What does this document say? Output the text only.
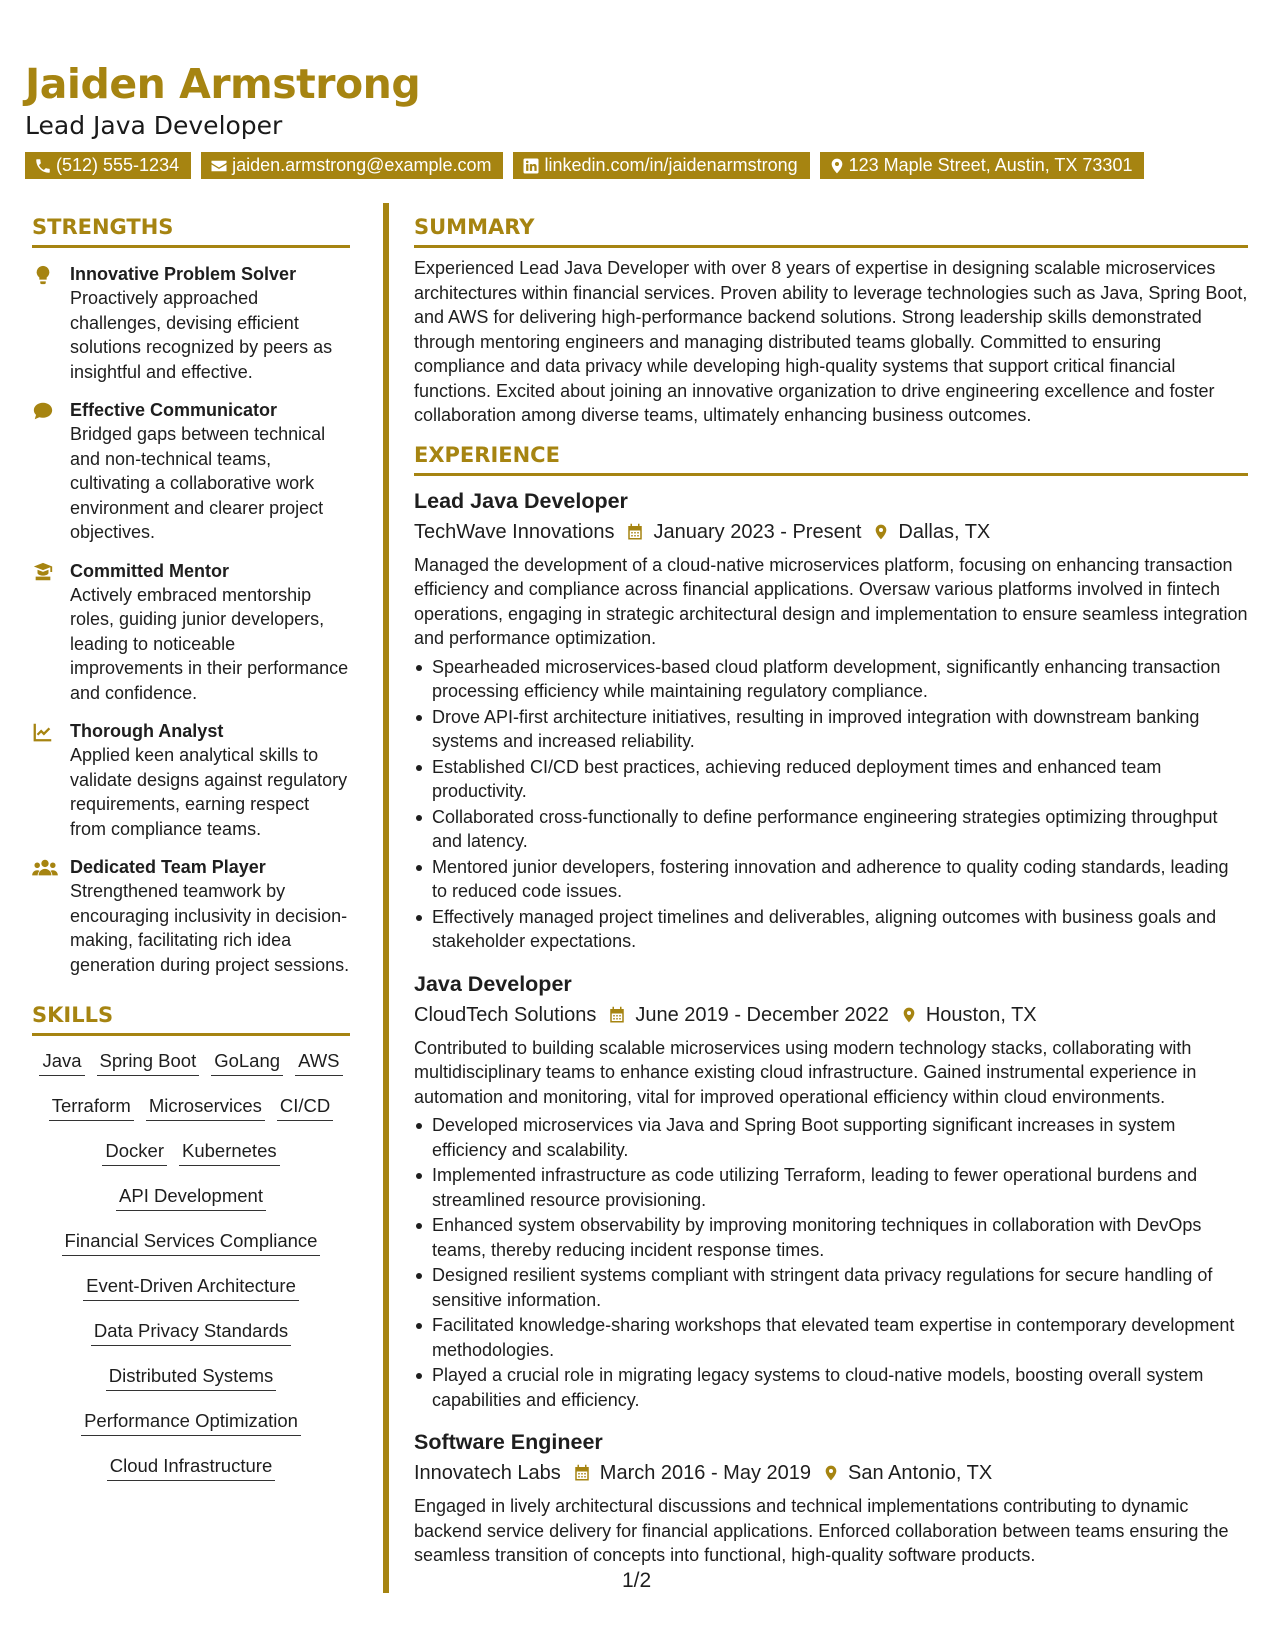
Jaiden Armstrong
Lead Java Developer
(512) 555-1234	jaiden.armstrong@example.com	linkedin.com/in/jaidenarmstrong	123 Maple Street, Austin, TX 73301
STRENGTHS
Innovative Problem Solver
Proactively approached challenges, devising efficient solutions recognized by peers as insightful and effective.
Effective Communicator
Bridged gaps between technical and non-technical teams, cultivating a collaborative work environment and clearer project objectives.
Committed Mentor
Actively embraced mentorship roles, guiding junior developers, leading to noticeable improvements in their performance and confidence.
Thorough Analyst
Applied keen analytical skills to validate designs against regulatory requirements, earning respect from compliance teams.
Dedicated Team Player
Strengthened teamwork by encouraging inclusivity in decision-making, facilitating rich idea generation during project sessions.
SKILLS
Java Spring Boot GoLang AWS
Terraform Microservices CI/CD
Docker Kubernetes
API Development
Financial Services Compliance
Event-Driven Architecture
Data Privacy Standards
Distributed Systems
Performance Optimization
Cloud Infrastructure
SUMMARY

Experienced Lead Java Developer with over 8 years of expertise in designing scalable microservices architectures within financial services. Proven ability to leverage technologies such as Java, Spring Boot, and AWS for delivering high-performance backend solutions. Strong leadership skills demonstrated through mentoring engineers and managing distributed teams globally. Committed to ensuring compliance and data privacy while developing high-quality systems that support critical financial functions. Excited about joining an innovative organization to drive engineering excellence and foster collaboration among diverse teams, ultimately enhancing business outcomes.

EXPERIENCE
Lead Java Developer
TechWave Innovations January 2023 - Present Dallas, TX
Managed the development of a cloud-native microservices platform, focusing on enhancing transaction efficiency and compliance across financial applications. Oversaw various platforms involved in fintech operations, engaging in strategic architectural design and implementation to ensure seamless integration and performance optimization.
Spearheaded microservices-based cloud platform development, significantly enhancing transaction processing efficiency while maintaining regulatory compliance.
Drove API-first architecture initiatives, resulting in improved integration with downstream banking systems and increased reliability.
Established CI/CD best practices, achieving reduced deployment times and enhanced team productivity.
Collaborated cross-functionally to define performance engineering strategies optimizing throughput and latency.
Mentored junior developers, fostering innovation and adherence to quality coding standards, leading to reduced code issues.
Effectively managed project timelines and deliverables, aligning outcomes with business goals and stakeholder expectations.
Java Developer
CloudTech Solutions June 2019 - December 2022 Houston, TX
Contributed to building scalable microservices using modern technology stacks, collaborating with multidisciplinary teams to enhance existing cloud infrastructure. Gained instrumental experience in automation and monitoring, vital for improved operational efficiency within cloud environments.
Developed microservices via Java and Spring Boot supporting significant increases in system efficiency and scalability.
Implemented infrastructure as code utilizing Terraform, leading to fewer operational burdens and streamlined resource provisioning.
Enhanced system observability by improving monitoring techniques in collaboration with DevOps teams, thereby reducing incident response times.
Designed resilient systems compliant with stringent data privacy regulations for secure handling of sensitive information.
Facilitated knowledge-sharing workshops that elevated team expertise in contemporary development methodologies.
Played a crucial role in migrating legacy systems to cloud-native models, boosting overall system capabilities and efficiency.
Software Engineer
Innovatech Labs March 2016 - May 2019 San Antonio, TX
Engaged in lively architectural discussions and technical implementations contributing to dynamic backend service delivery for financial applications. Enforced collaboration between teams ensuring the seamless transition of concepts into functional, high-quality software products.
1/2
